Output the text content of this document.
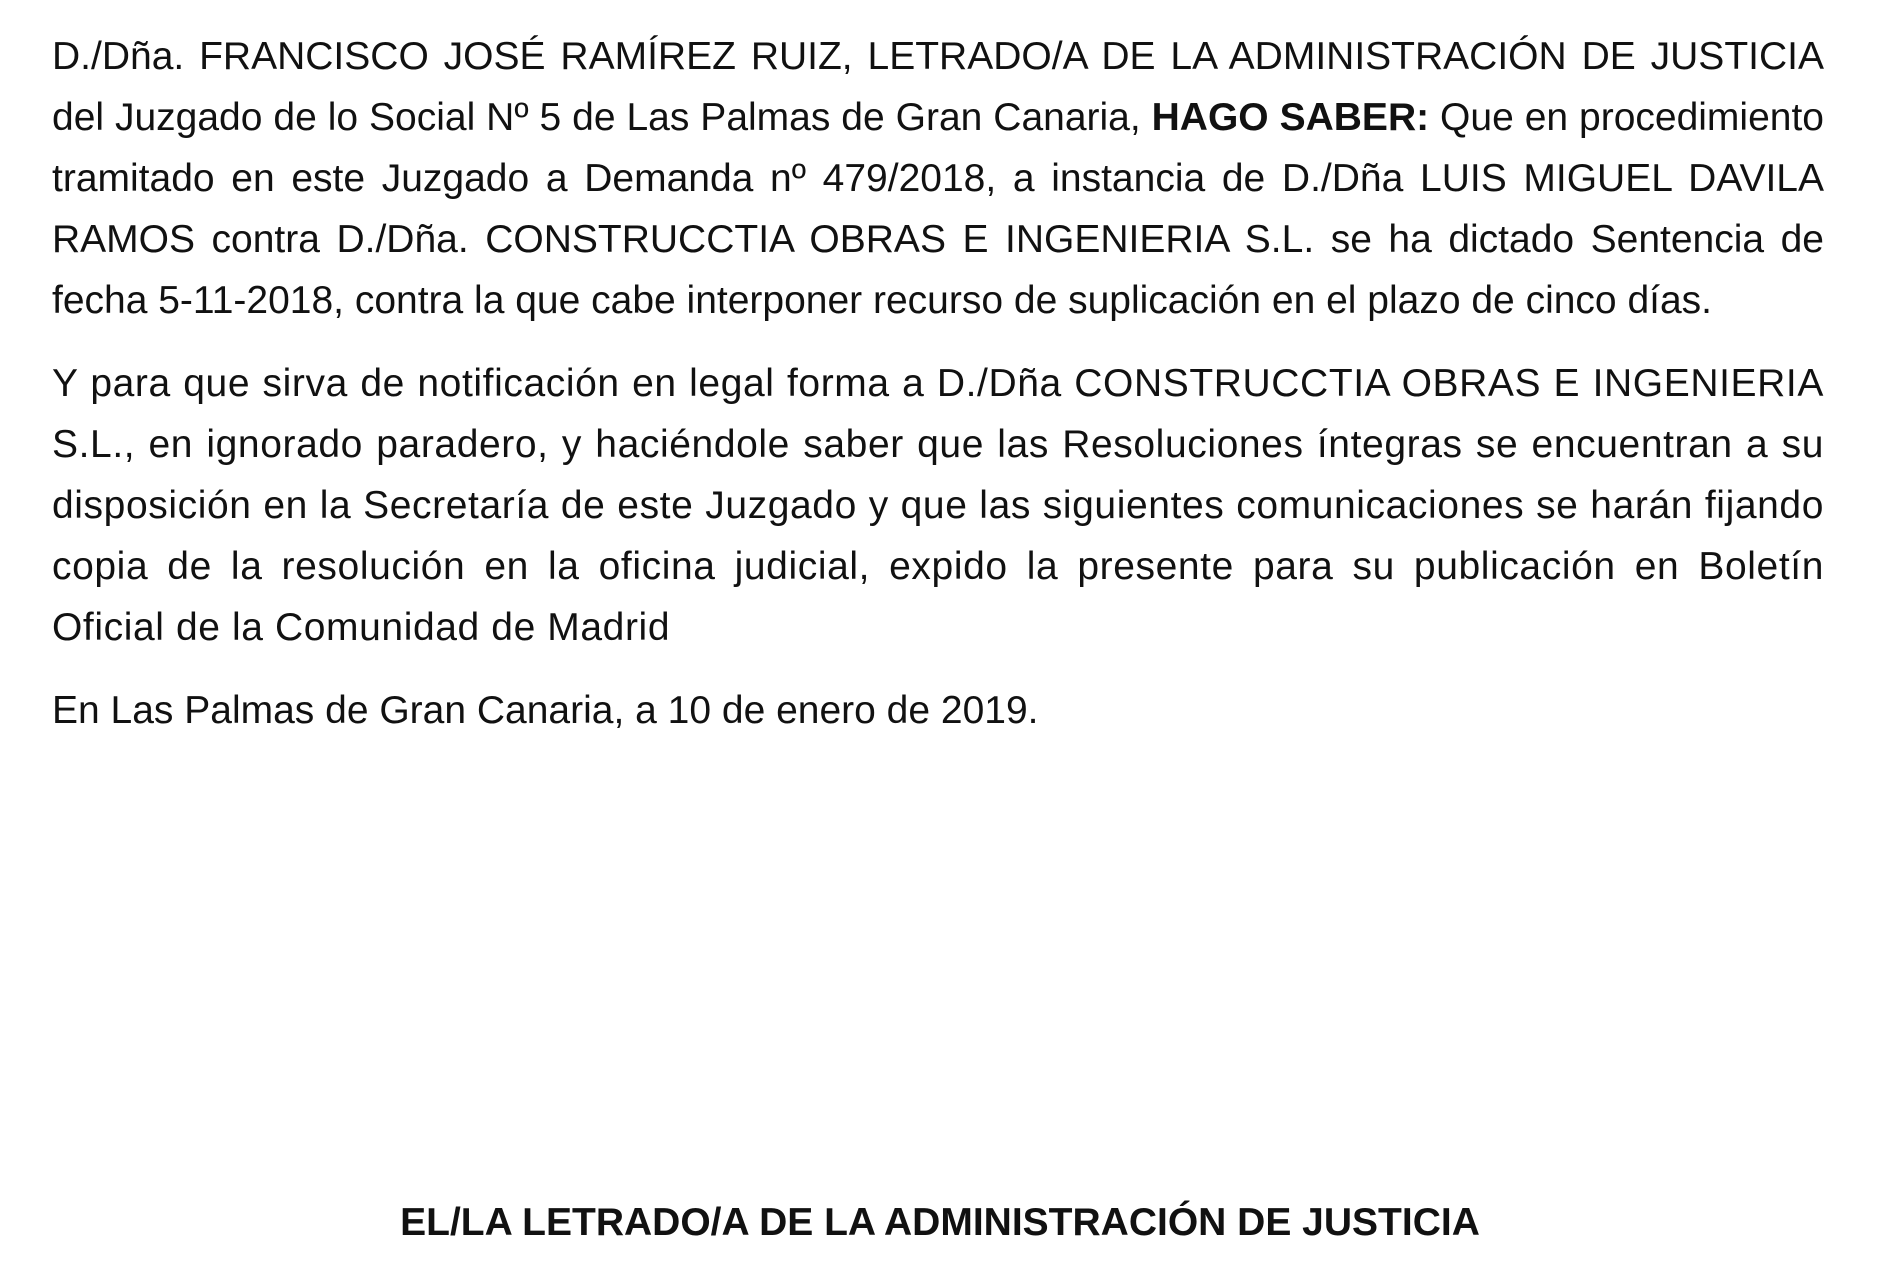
D./Dña. FRANCISCO JOSÉ RAMÍREZ RUIZ, LETRADO/A DE LA ADMINISTRACIÓN DE JUSTICIA del Juzgado de lo Social Nº 5 de Las Palmas de Gran Canaria, HAGO SABER: Que en procedimiento tramitado en este Juzgado a Demanda nº 479/2018, a instancia de D./Dña LUIS MIGUEL DAVILA RAMOS contra D./Dña. CONSTRUCCTIA OBRAS E INGENIERIA S.L. se ha dictado Sentencia de fecha 5-11-2018, contra la que cabe interponer recurso de suplicación en el plazo de cinco días.

Y para que sirva de notificación en legal forma a D./Dña CONSTRUCCTIA OBRAS E INGENIERIA S.L., en ignorado paradero, y haciéndole saber que las Resoluciones íntegras se encuentran a su disposición en la Secretaría de este Juzgado y que las siguientes comunicaciones se harán fijando copia de la resolución en la oficina judicial, expido la presente para su publicación en Boletín Oficial de la Comunidad de Madrid

En Las Palmas de Gran Canaria, a 10 de enero de 2019.

EL/LA LETRADO/A DE LA ADMINISTRACIÓN DE JUSTICIA
